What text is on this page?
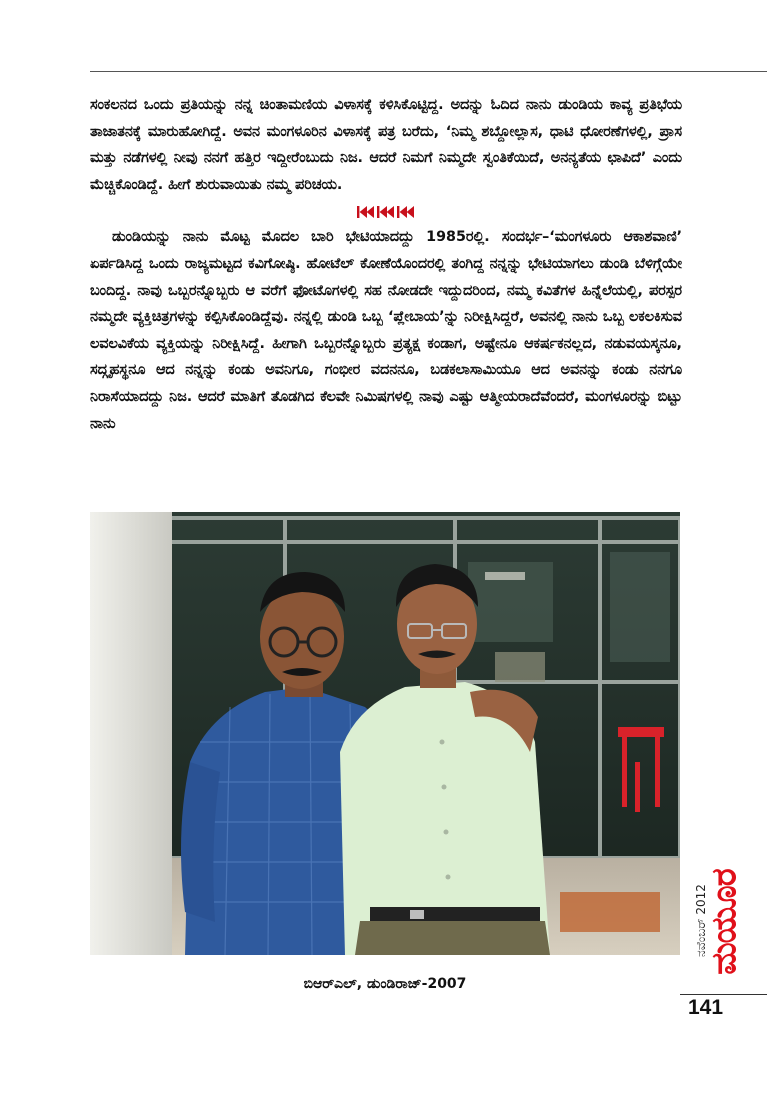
ಸಂಕಲನದ ಒಂದು ಪ್ರತಿಯನ್ನು ನನ್ನ ಚಿಂತಾಮಣಿಯ ವಿಳಾಸಕ್ಕೆ ಕಳಿಸಿಕೊಟ್ಟಿದ್ದ. ಅದನ್ನು ಓದಿದ ನಾನು ಡುಂಡಿಯ ಕಾವ್ಯ ಪ್ರತಿಭೆಯ ತಾಜಾತನಕ್ಕೆ ಮಾರುಹೋಗಿದ್ದೆ. ಅವನ ಮಂಗಳೂರಿನ ವಿಳಾಸಕ್ಕೆ ಪತ್ರ ಬರೆದು, ‘ನಿಮ್ಮ ಶಬ್ದೋಲ್ಲಾಸ, ಧಾಟಿ ಧೋರಣೆಗಳಲ್ಲಿ, ಪ್ರಾಸ ಮತ್ತು ನಡೆಗಳಲ್ಲಿ ನೀವು ನನಗೆ ಹತ್ತಿರ ಇದ್ದೀರೆಂಬುದು ನಿಜ. ಆದರೆ ನಿಮಗೆ ನಿಮ್ಮದೇ ಸ್ವಂತಿಕೆಯಿದೆ, ಅನನ್ಯತೆಯ ಛಾಪಿದೆ’ ಎಂದು ಮೆಚ್ಚಿಕೊಂಡಿದ್ದೆ. ಹೀಗೆ ಶುರುವಾಯಿತು ನಮ್ಮ ಪರಿಚಯ.

ಡುಂಡಿಯನ್ನು ನಾನು ಮೊಟ್ಟ ಮೊದಲ ಬಾರಿ ಭೇಟಿಯಾದದ್ದು 1985ರಲ್ಲಿ. ಸಂದರ್ಭ–‘ಮಂಗಳೂರು ಆಕಾಶವಾಣಿ’ ಏರ್ಪಡಿಸಿದ್ದ ಒಂದು ರಾಜ್ಯಮಟ್ಟದ ಕವಿಗೋಷ್ಠಿ. ಹೋಟೆಲ್ ಕೋಣೆಯೊಂದರಲ್ಲಿ ತಂಗಿದ್ದ ನನ್ನನ್ನು ಭೇಟಿಯಾಗಲು ಡುಂಡಿ ಬೆಳಿಗ್ಗೆಯೇ ಬಂದಿದ್ದ. ನಾವು ಒಬ್ಬರನ್ನೊಬ್ಬರು ಆ ವರೆಗೆ ಫೋಟೊಗಳಲ್ಲಿ ಸಹ ನೋಡದೇ ಇದ್ದುದರಿಂದ, ನಮ್ಮ ಕವಿತೆಗಳ ಹಿನ್ನೆಲೆಯಲ್ಲಿ, ಪರಸ್ಪರ ನಮ್ಮದೇ ವ್ಯಕ್ತಿಚಿತ್ರಗಳನ್ನು ಕಲ್ಪಿಸಿಕೊಂಡಿದ್ದೆವು. ನನ್ನಲ್ಲಿ ಡುಂಡಿ ಒಬ್ಬ ‘ಪ್ಲೇಬಾಯ’ನ್ನು ನಿರೀಕ್ಷಿಸಿದ್ದರೆ, ಅವನಲ್ಲಿ ನಾನು ಒಬ್ಬ ಲಕಲಕಿಸುವ ಲವಲವಿಕೆಯ ವ್ಯಕ್ತಿಯನ್ನು ನಿರೀಕ್ಷಿಸಿದ್ದೆ. ಹೀಗಾಗಿ ಒಬ್ಬರನ್ನೊಬ್ಬರು ಪ್ರತ್ಯಕ್ಷ ಕಂಡಾಗ, ಅಷ್ಟೇನೂ ಆಕರ್ಷಕನಲ್ಲದ, ನಡುವಯಸ್ಕನೂ, ಸದ್ಗೃಹಸ್ಥನೂ ಆದ ನನ್ನನ್ನು ಕಂಡು ಅವನಿಗೂ, ಗಂಭೀರ ವದನನೂ, ಬಡಕಲಾಸಾಮಿಯೂ ಆದ ಅವನನ್ನು ಕಂಡು ನನಗೂ ನಿರಾಸೆಯಾದದ್ದು ನಿಜ. ಆದರೆ ಮಾತಿಗೆ ತೊಡಗಿದ ಕೆಲವೇ ನಿಮಿಷಗಳಲ್ಲಿ ನಾವು ಎಷ್ಟು ಆತ್ಮೀಯರಾದೆವೆಂದರೆ, ಮಂಗಳೂರನ್ನು ಬಿಟ್ಟು ನಾನು

ಬಿಆರ್‌ಎಲ್, ಡುಂಡಿರಾಜ್-2007
ನವೆಂಬರ್ 2012
ಮಯೂರ
141
